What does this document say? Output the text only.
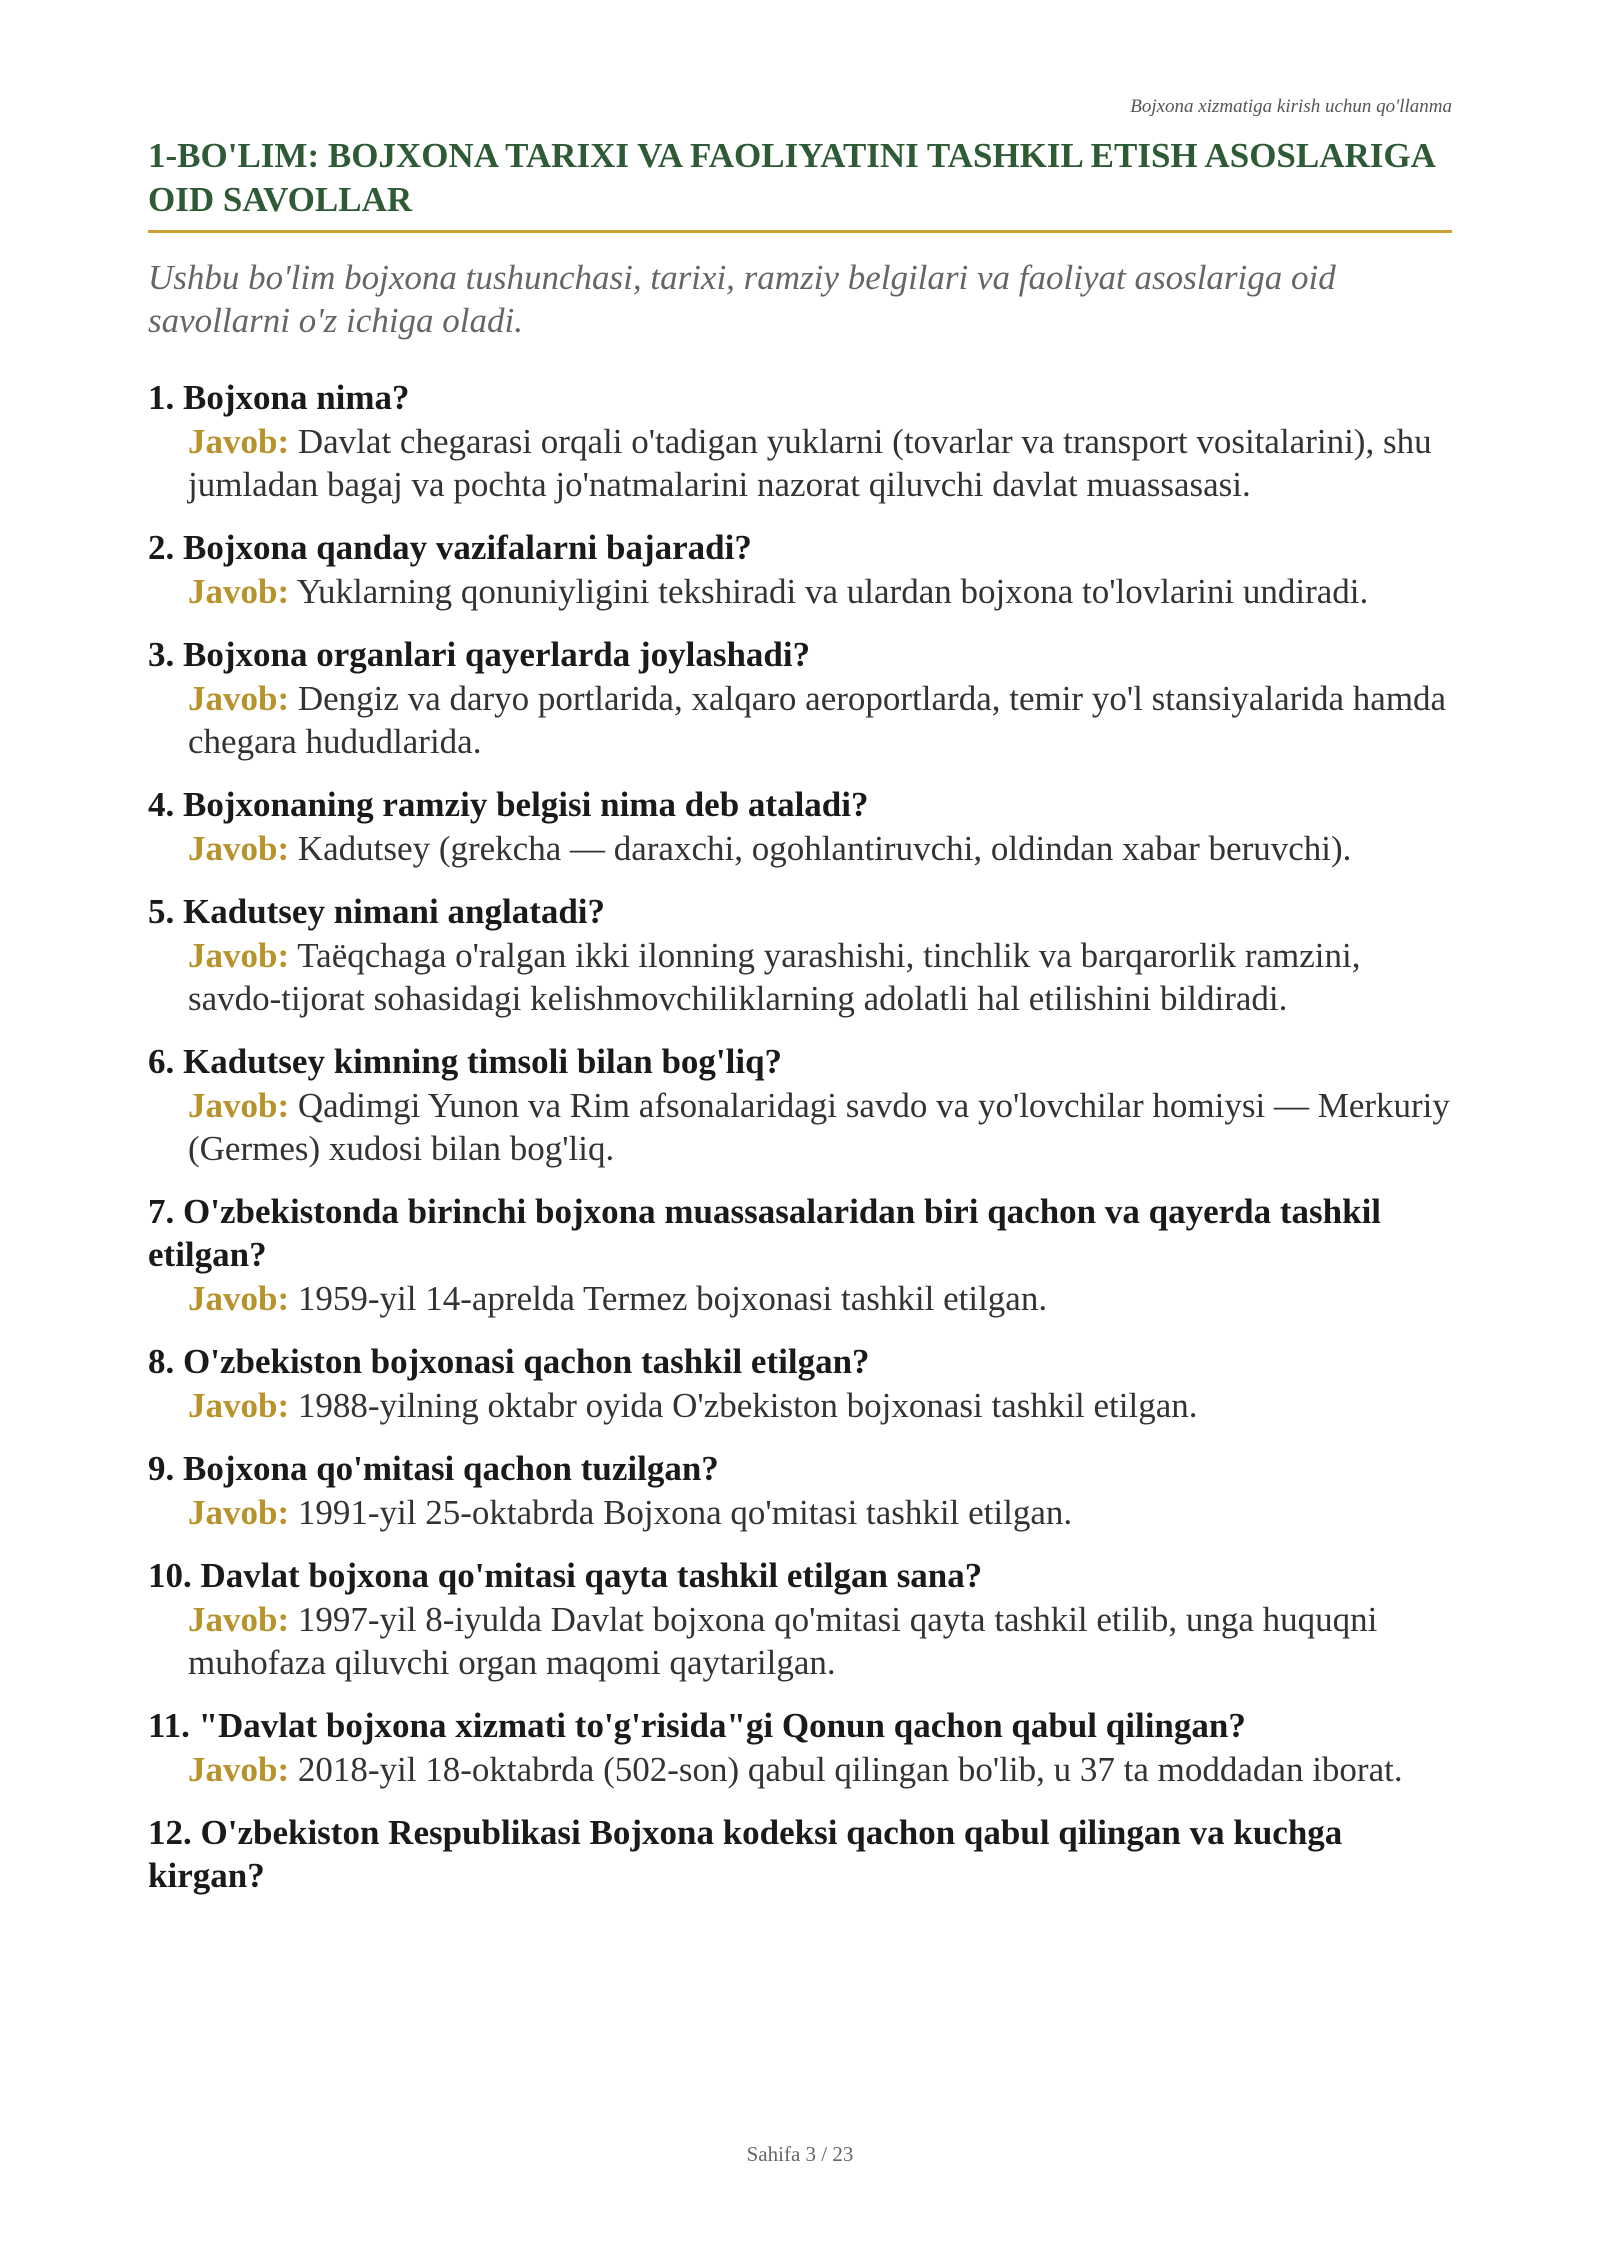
Bojxona xizmatiga kirish uchun qo'llanma
1-BO'LIM: BOJXONA TARIXI VA FAOLIYATINI TASHKIL ETISH ASOSLARIGA OID SAVOLLAR

Ushbu bo'lim bojxona tushunchasi, tarixi, ramziy belgilari va faoliyat asoslariga oid savollarni o'z ichiga oladi.

1. Bojxona nima?

Javob: Davlat chegarasi orqali o'tadigan yuklarni (tovarlar va transport vositalarini), shu jumladan bagaj va pochta jo'natmalarini nazorat qiluvchi davlat muassasasi.

2. Bojxona qanday vazifalarni bajaradi?

Javob: Yuklarning qonuniyligini tekshiradi va ulardan bojxona to'lovlarini undiradi.

3. Bojxona organlari qayerlarda joylashadi?

Javob: Dengiz va daryo portlarida, xalqaro aeroportlarda, temir yo'l stansiyalarida hamda chegara hududlarida.

4. Bojxonaning ramziy belgisi nima deb ataladi?

Javob: Kadutsey (grekcha — daraxchi, ogohlantiruvchi, oldindan xabar beruvchi).

5. Kadutsey nimani anglatadi?

Javob: Taëqchaga o'ralgan ikki ilonning yarashishi, tinchlik va barqarorlik ramzini, savdo-tijorat sohasidagi kelishmovchiliklarning adolatli hal etilishini bildiradi.

6. Kadutsey kimning timsoli bilan bog'liq?

Javob: Qadimgi Yunon va Rim afsonalaridagi savdo va yo'lovchilar homiysi — Merkuriy (Germes) xudosi bilan bog'liq.

7. O'zbekistonda birinchi bojxona muassasalaridan biri qachon va qayerda tashkil etilgan?

Javob: 1959-yil 14-aprelda Termez bojxonasi tashkil etilgan.

8. O'zbekiston bojxonasi qachon tashkil etilgan?

Javob: 1988-yilning oktabr oyida O'zbekiston bojxonasi tashkil etilgan.

9. Bojxona qo'mitasi qachon tuzilgan?

Javob: 1991-yil 25-oktabrda Bojxona qo'mitasi tashkil etilgan.

10. Davlat bojxona qo'mitasi qayta tashkil etilgan sana?

Javob: 1997-yil 8-iyulda Davlat bojxona qo'mitasi qayta tashkil etilib, unga huquqni muhofaza qiluvchi organ maqomi qaytarilgan.

11. "Davlat bojxona xizmati to'g'risida"gi Qonun qachon qabul qilingan?

Javob: 2018-yil 18-oktabrda (502-son) qabul qilingan bo'lib, u 37 ta moddadan iborat.

12. O'zbekiston Respublikasi Bojxona kodeksi qachon qabul qilingan va kuchga kirgan?

Sahifa 3 / 23
